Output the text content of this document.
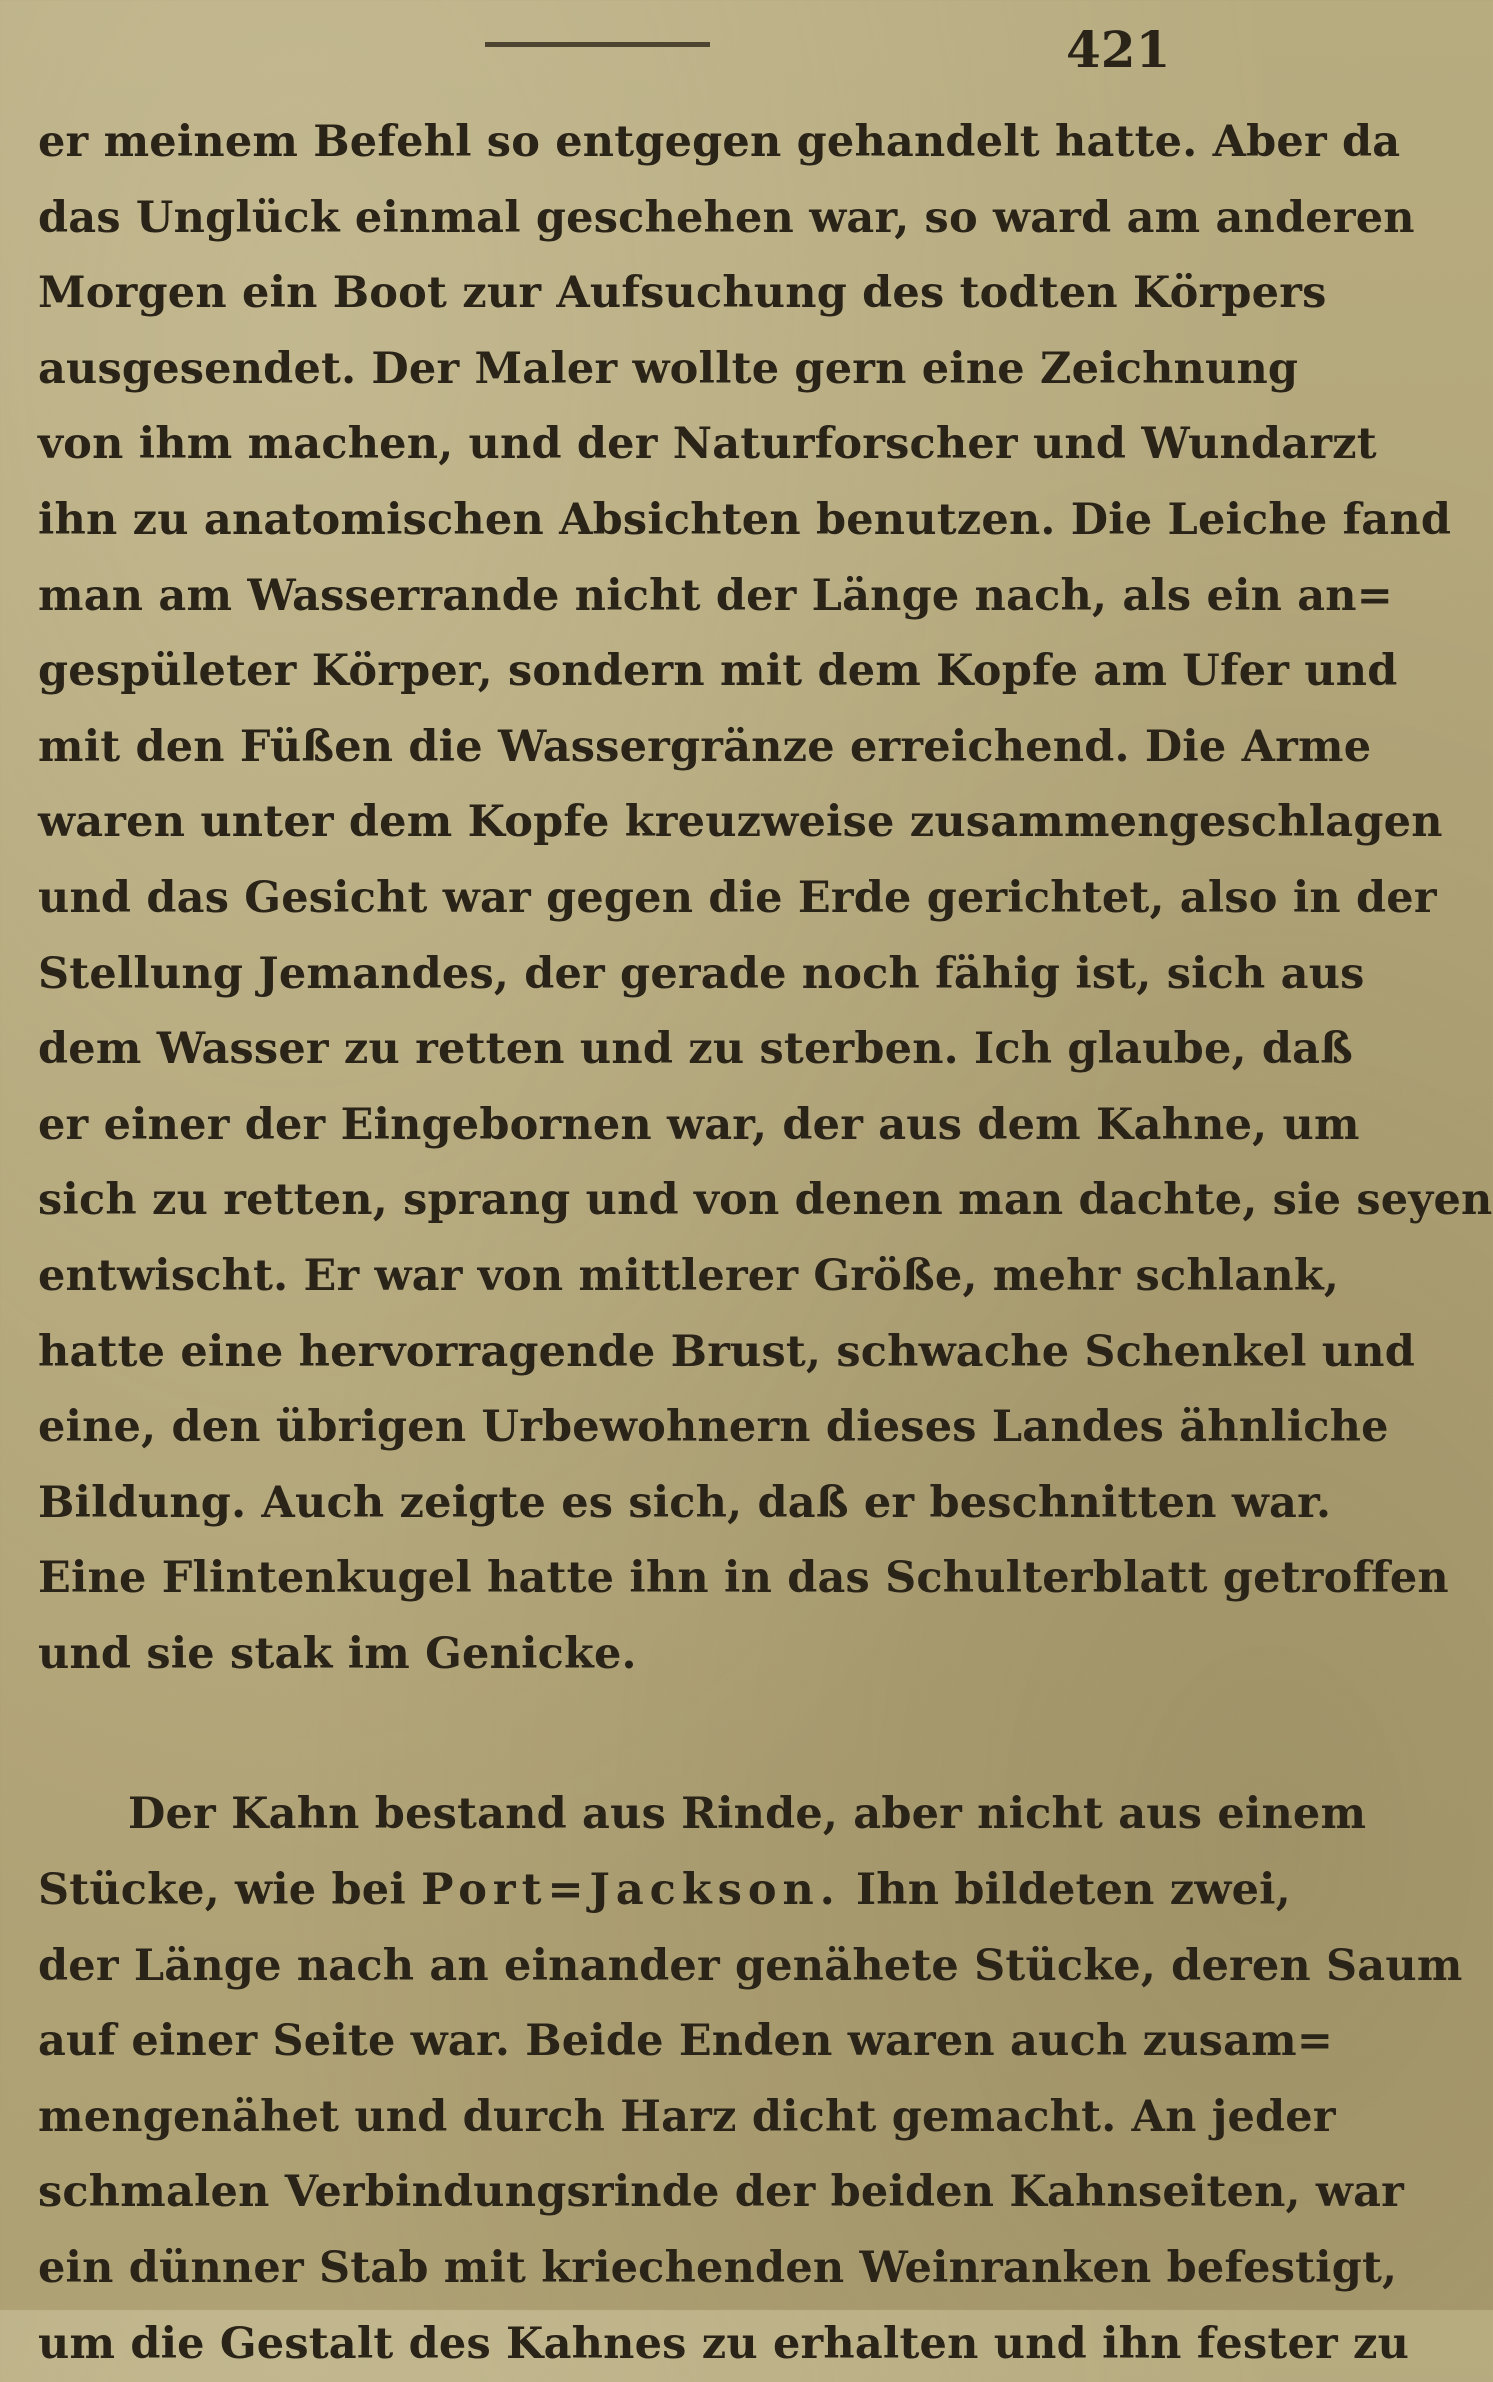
421
er meinem Befehl so entgegen gehandelt hatte. Aber da
das Unglück einmal geschehen war, so ward am anderen
Morgen ein Boot zur Aufsuchung des todten Körpers
ausgesendet. Der Maler wollte gern eine Zeichnung
von ihm machen, und der Naturforscher und Wundarzt
ihn zu anatomischen Absichten benutzen. Die Leiche fand
man am Wasserrande nicht der Länge nach, als ein an=
gespületer Körper, sondern mit dem Kopfe am Ufer und
mit den Füßen die Wassergränze erreichend. Die Arme
waren unter dem Kopfe kreuzweise zusammengeschlagen
und das Gesicht war gegen die Erde gerichtet, also in der
Stellung Jemandes, der gerade noch fähig ist, sich aus
dem Wasser zu retten und zu sterben. Ich glaube, daß
er einer der Eingebornen war, der aus dem Kahne, um
sich zu retten, sprang und von denen man dachte, sie seyen
entwischt. Er war von mittlerer Größe, mehr schlank,
hatte eine hervorragende Brust, schwache Schenkel und
eine, den übrigen Urbewohnern dieses Landes ähnliche
Bildung. Auch zeigte es sich, daß er beschnitten war.
Eine Flintenkugel hatte ihn in das Schulterblatt getroffen
und sie stak im Genicke.
Der Kahn bestand aus Rinde, aber nicht aus einem
Stücke, wie bei Port=Jackson. Ihn bildeten zwei,
der Länge nach an einander genähete Stücke, deren Saum
auf einer Seite war. Beide Enden waren auch zusam=
mengenähet und durch Harz dicht gemacht. An jeder
schmalen Verbindungsrinde der beiden Kahnseiten, war
ein dünner Stab mit kriechenden Weinranken befestigt,
um die Gestalt des Kahnes zu erhalten und ihn fester zu
